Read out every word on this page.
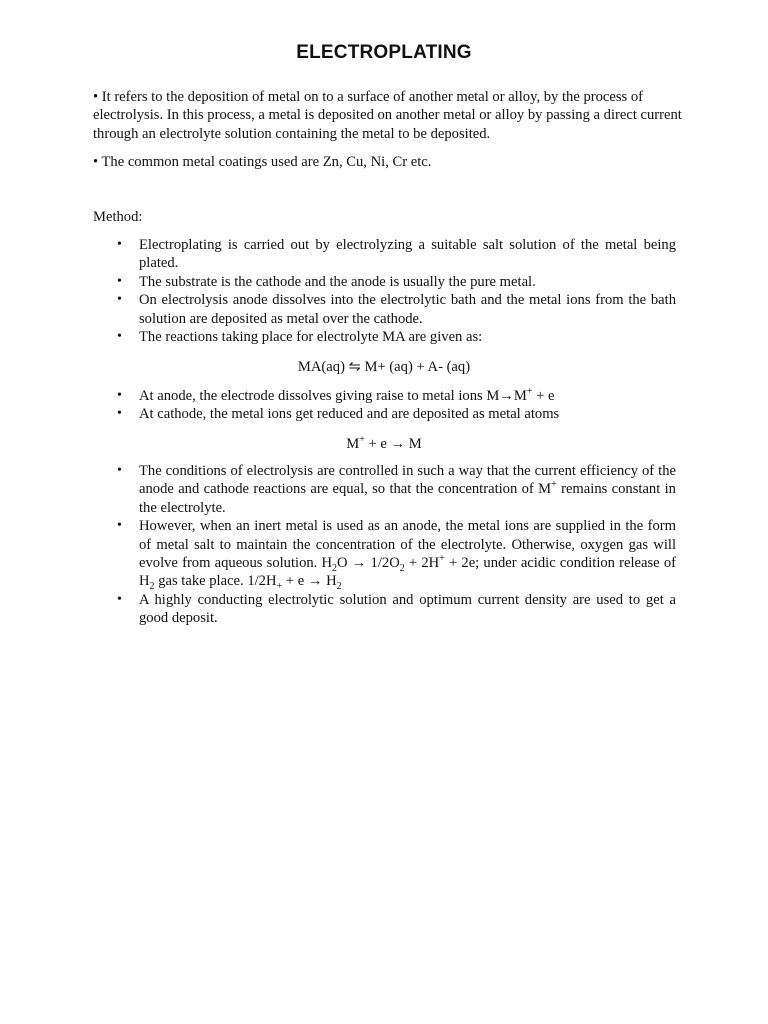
ELECTROPLATING

• It refers to the deposition of metal on to a surface of another metal or alloy, by the process of electrolysis. In this process, a metal is deposited on another metal or alloy by passing a direct current through an electrolyte solution containing the metal to be deposited.

• The common metal coatings used are Zn, Cu, Ni, Cr etc.

Method:

• Electroplating is carried out by electrolyzing a suitable salt solution of the metal being plated.
• The substrate is the cathode and the anode is usually the pure metal.
• On electrolysis anode dissolves into the electrolytic bath and the metal ions from the bath solution are deposited as metal over the cathode.
• The reactions taking place for electrolyte MA are given as:

MA(aq) ⇋ M+ (aq) + A- (aq)

• At anode, the electrode dissolves giving raise to metal ions M→M+ + e
• At cathode, the metal ions get reduced and are deposited as metal atoms

M+ + e → M

• The conditions of electrolysis are controlled in such a way that the current efficiency of the anode and cathode reactions are equal, so that the concentration of M+ remains constant in the electrolyte.
• However, when an inert metal is used as an anode, the metal ions are supplied in the form of metal salt to maintain the concentration of the electrolyte. Otherwise, oxygen gas will evolve from aqueous solution. $H_2O \to 1/2O_2 + 2H^+ + 2e$; under acidic condition release of $H_2$ gas take place. $1/2H_+ + e \to H_2$
• A highly conducting electrolytic solution and optimum current density are used to get a good deposit.
